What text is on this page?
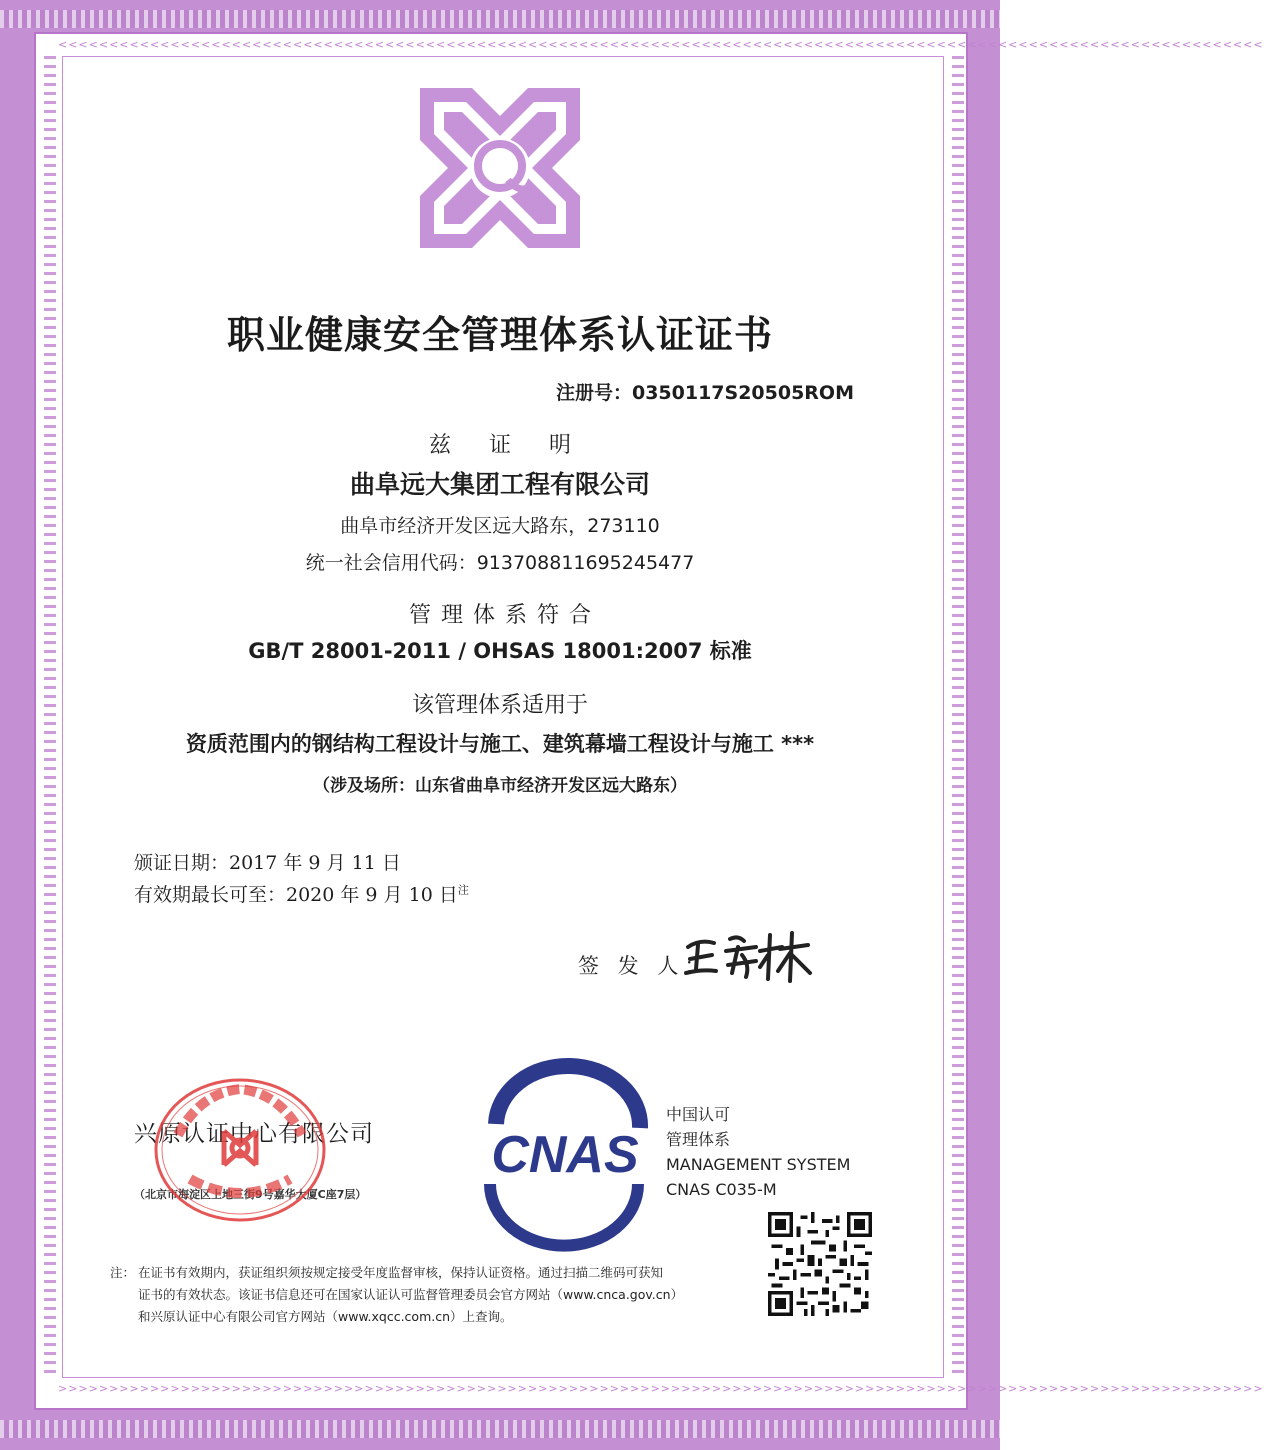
<<<<<<<<<<<<<<<<<<<<<<<<<<<<<<<<<<<<<<<<<<<<<<<<<<<<<<<<<<<<<<<<<<<<<<<<<<<<<<<<<<<<<<<<<<<<<<<<<<<<<<<<<<<<<<<<<<<<<<
>>>>>>>>>>>>>>>>>>>>>>>>>>>>>>>>>>>>>>>>>>>>>>>>>>>>>>>>>>>>>>>>>>>>>>>>>>>>>>>>>>>>>>>>>>>>>>>>>>>>>>>>>>>>>>>>>>>>>>
职业健康安全管理体系认证证书
注册号：0350117S20505ROM
兹证明
曲阜远大集团工程有限公司
曲阜市经济开发区远大路东，273110
统一社会信用代码：913708811695245477
管理体系符合
GB/T 28001-2011 / OHSAS 18001:2007 标准
该管理体系适用于
资质范围内的钢结构工程设计与施工、建筑幕墙工程设计与施工 ***
（涉及场所：山东省曲阜市经济开发区远大路东）
颁证日期：2017 年 9 月 11 日
有效期最长可至：2020 年 9 月 10 日$^注$
签 发 人：
兴原认证中心有限公司
（北京市海淀区上地三街9号嘉华大厦C座7层）
CNAS
中国认可
管理体系
MANAGEMENT SYSTEM
CNAS C035-M
注： 在证书有效期内，获证组织须按规定接受年度监督审核，保持认证资格。通过扫描二维码可获知
证书的有效状态。该证书信息还可在国家认证认可监督管理委员会官方网站（www.cnca.gov.cn）
和兴原认证中心有限公司官方网站（www.xqcc.com.cn）上查询。
